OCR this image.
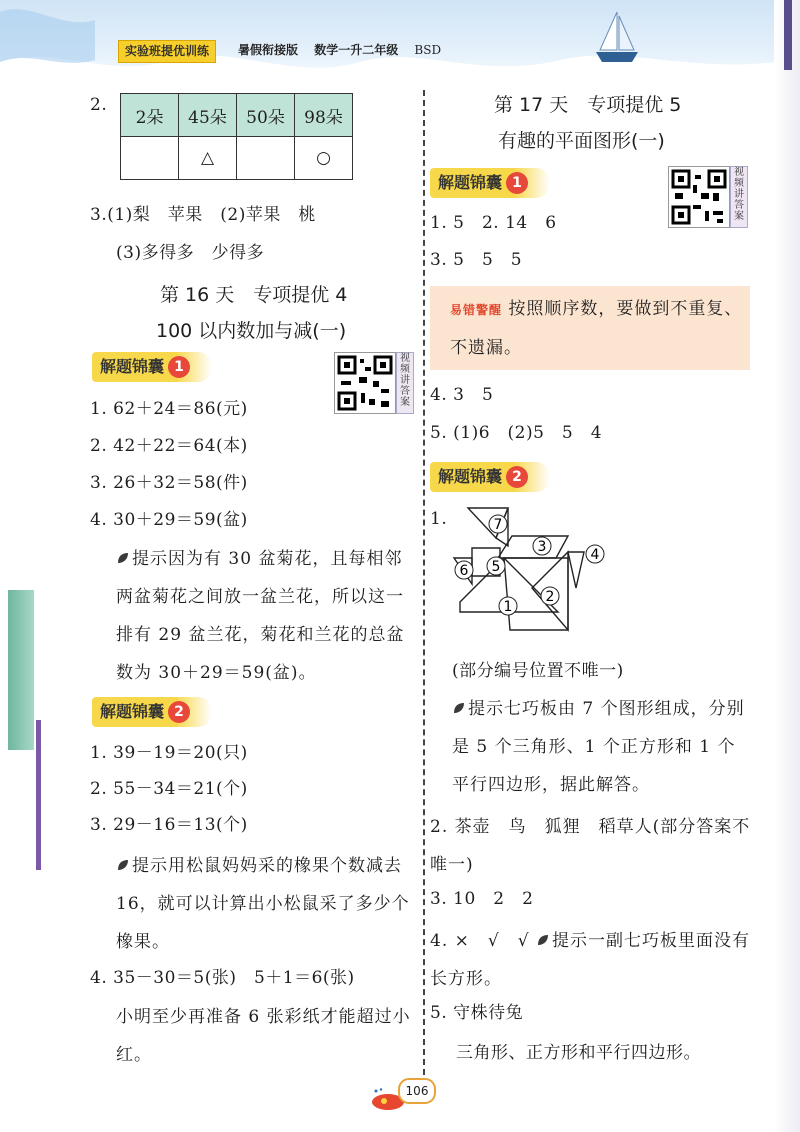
实验班提优训练	暑假衔接版 数学一升二年级 BSD
2.
2朵	45朵	50朵	98朵
	△		○
3.(1)梨　苹果　(2)苹果　桃
(3)多得多　少得多
第 16 天　专项提优 4
100 以内数加与减(一)
解题锦囊 1
视频讲答案
1. 62＋24＝86(元)
2. 42＋22＝64(本)
3. 26＋32＝58(件)
4. 30＋29＝59(盆)
提示因为有 30 盆菊花，且每相邻两盆菊花之间放一盆兰花，所以这一排有 29 盆兰花，菊花和兰花的总盆数为 30＋29＝59(盆)。
解题锦囊 2
1. 39－19＝20(只)
2. 55－34＝21(个)
3. 29－16＝13(个)
提示用松鼠妈妈采的橡果个数减去 16，就可以计算出小松鼠采了多少个橡果。
4. 35－30＝5(张)　5＋1＝6(张)
小明至少再准备 6 张彩纸才能超过小红。
第 17 天　专项提优 5
有趣的平面图形(一)
解题锦囊 1
视频讲答案
1. 5　2. 14　6
3. 5　5　5
易错警醒 按照顺序数，要做到不重复、不遗漏。
4. 3　5
5. (1)6　(2)5　5　4
解题锦囊 2
1.	7
3	4
6 5
1
2
(部分编号位置不唯一)
提示七巧板由 7 个图形组成，分别是 5 个三角形、1 个正方形和 1 个平行四边形，据此解答。
2. 茶壶　鸟　狐狸　稻草人(部分答案不唯一)
3. 10　2　2
4. ×　√　√ 提示一副七巧板里面没有长方形。
5. 守株待兔
三角形、正方形和平行四边形。
106
